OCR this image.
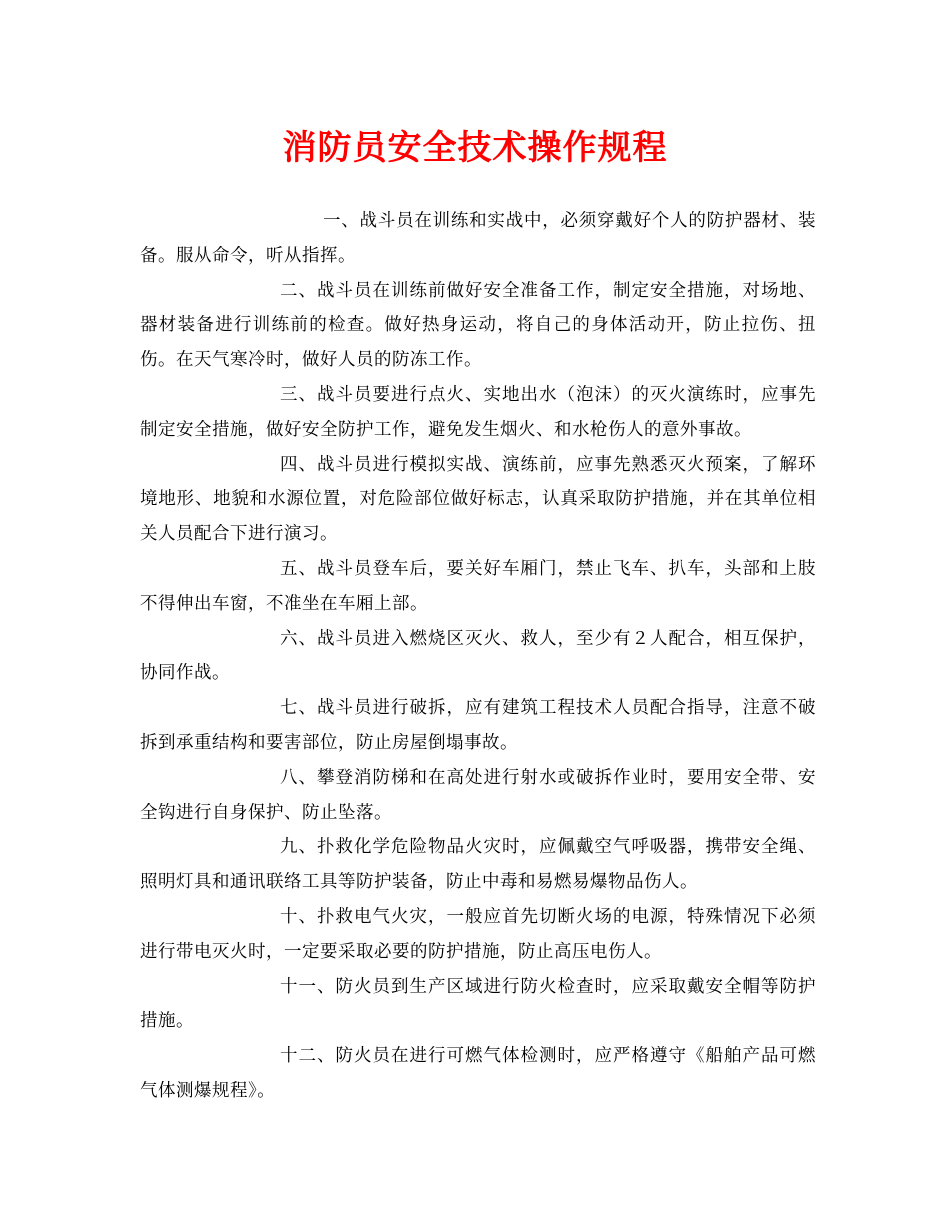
消防员安全技术操作规程

一、战斗员在训练和实战中，必须穿戴好个人的防护器材、装备。服从命令，听从指挥。

二、战斗员在训练前做好安全准备工作，制定安全措施，对场地、器材装备进行训练前的检查。做好热身运动，将自己的身体活动开，防止拉伤、扭伤。在天气寒冷时，做好人员的防冻工作。

三、战斗员要进行点火、实地出水（泡沫）的灭火演练时，应事先制定安全措施，做好安全防护工作，避免发生烟火、和水枪伤人的意外事故。

四、战斗员进行模拟实战、演练前，应事先熟悉灭火预案，了解环境地形、地貌和水源位置，对危险部位做好标志，认真采取防护措施，并在其单位相关人员配合下进行演习。

五、战斗员登车后，要关好车厢门，禁止飞车、扒车，头部和上肢不得伸出车窗，不准坐在车厢上部。

六、战斗员进入燃烧区灭火、救人，至少有２人配合，相互保护，协同作战。

七、战斗员进行破拆，应有建筑工程技术人员配合指导，注意不破拆到承重结构和要害部位，防止房屋倒塌事故。

八、攀登消防梯和在高处进行射水或破拆作业时，要用安全带、安全钩进行自身保护、防止坠落。

九、扑救化学危险物品火灾时，应佩戴空气呼吸器，携带安全绳、照明灯具和通讯联络工具等防护装备，防止中毒和易燃易爆物品伤人。

十、扑救电气火灾，一般应首先切断火场的电源，特殊情况下必须进行带电灭火时，一定要采取必要的防护措施，防止高压电伤人。

十一、防火员到生产区域进行防火检查时，应采取戴安全帽等防护措施。

十二、防火员在进行可燃气体检测时，应严格遵守《船舶产品可燃气体测爆规程》。
